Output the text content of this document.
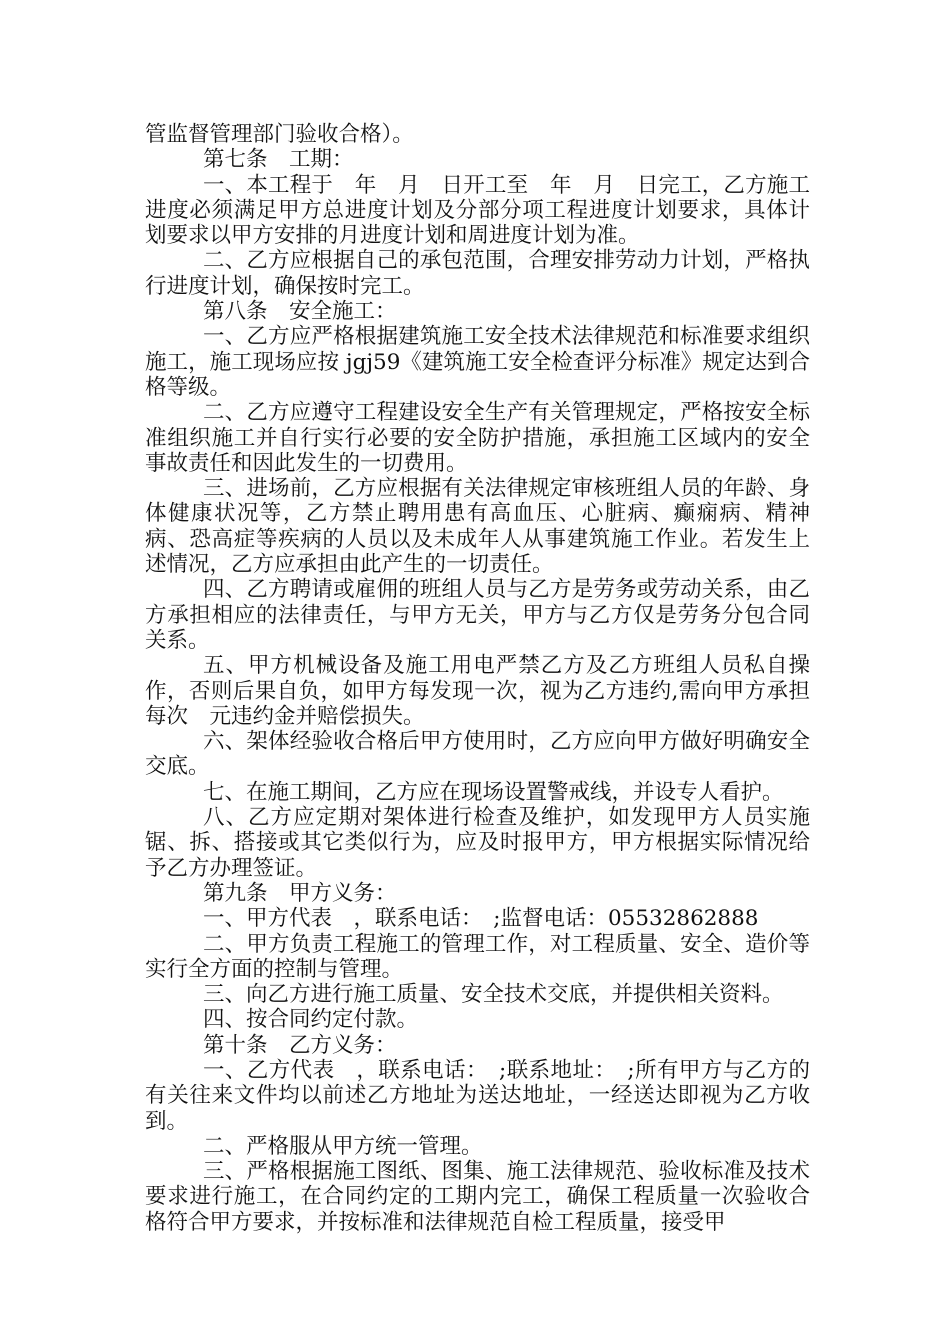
管监督管理部门验收合格）。

第七条　工期：

一、本工程于　年　月　日开工至　年　月　日完工，乙方施工进度必须满足甲方总进度计划及分部分项工程进度计划要求，具体计划要求以甲方安排的月进度计划和周进度计划为准。

二、乙方应根据自己的承包范围，合理安排劳动力计划，严格执行进度计划，确保按时完工。

第八条　安全施工：

一、乙方应严格根据建筑施工安全技术法律规范和标准要求组织施工，施工现场应按 jgj59《建筑施工安全检查评分标准》规定达到合格等级。

二、乙方应遵守工程建设安全生产有关管理规定，严格按安全标准组织施工并自行实行必要的安全防护措施，承担施工区域内的安全事故责任和因此发生的一切费用。

三、进场前，乙方应根据有关法律规定审核班组人员的年龄、身体健康状况等，乙方禁止聘用患有高血压、心脏病、癫痫病、精神病、恐高症等疾病的人员以及未成年人从事建筑施工作业。若发生上述情况，乙方应承担由此产生的一切责任。

四、乙方聘请或雇佣的班组人员与乙方是劳务或劳动关系，由乙方承担相应的法律责任，与甲方无关，甲方与乙方仅是劳务分包合同关系。

五、甲方机械设备及施工用电严禁乙方及乙方班组人员私自操作，否则后果自负，如甲方每发现一次，视为乙方违约,需向甲方承担每次　元违约金并赔偿损失。

六、架体经验收合格后甲方使用时，乙方应向甲方做好明确安全交底。

七、在施工期间，乙方应在现场设置警戒线，并设专人看护。

八、乙方应定期对架体进行检查及维护，如发现甲方人员实施锯、拆、搭接或其它类似行为，应及时报甲方，甲方根据实际情况给予乙方办理签证。

第九条　甲方义务：

一、甲方代表　，联系电话：　;监督电话：05532862888

二、甲方负责工程施工的管理工作，对工程质量、安全、造价等实行全方面的控制与管理。

三、向乙方进行施工质量、安全技术交底，并提供相关资料。

四、按合同约定付款。

第十条　乙方义务：

一、乙方代表　，联系电话：　;联系地址：　;所有甲方与乙方的有关往来文件均以前述乙方地址为送达地址，一经送达即视为乙方收到。

二、严格服从甲方统一管理。

三、严格根据施工图纸、图集、施工法律规范、验收标准及技术要求进行施工，在合同约定的工期内完工，确保工程质量一次验收合格符合甲方要求，并按标准和法律规范自检工程质量，接受甲
